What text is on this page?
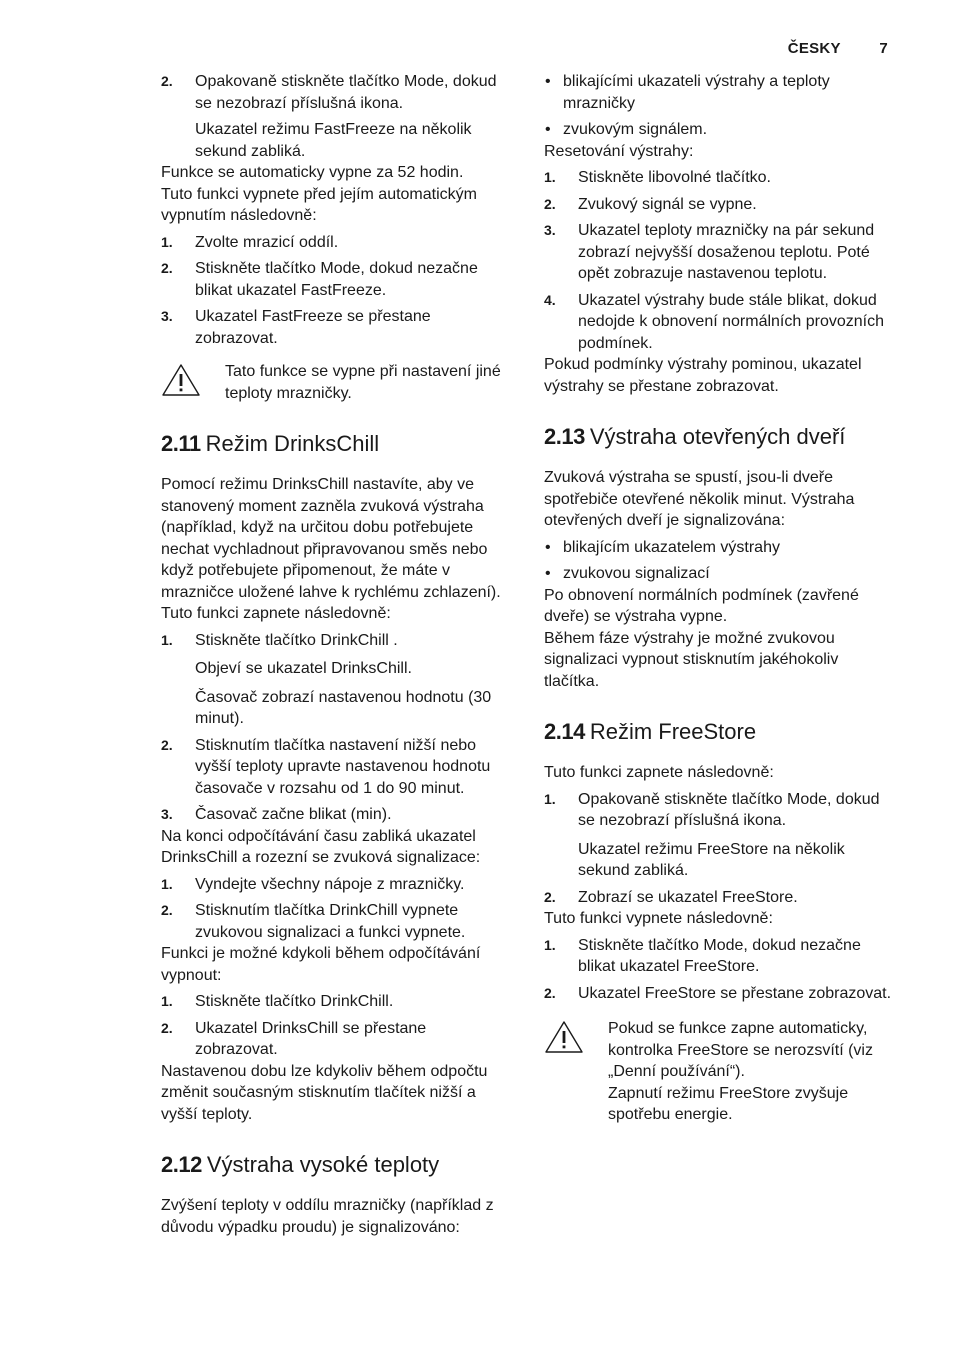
ČESKY	7
2. Opakovaně stiskněte tlačítko Mode, dokud se nezobrazí příslušná ikona.
Ukazatel režimu FastFreeze na několik sekund zabliká.

Funkce se automaticky vypne za 52 hodin.

Tuto funkci vypnete před jejím automatickým vypnutím následovně:

1. Zvolte mrazicí oddíl.
2. Stiskněte tlačítko Mode, dokud nezačne blikat ukazatel FastFreeze.
3. Ukazatel FastFreeze se přestane zobrazovat.
Tato funkce se vypne při nastavení jiné teploty mrazničky.
2.11 Režim DrinksChill

Pomocí režimu DrinksChill nastavíte, aby ve stanovený moment zazněla zvuková výstraha (například, když na určitou dobu potřebujete nechat vychladnout připravovanou směs nebo když potřebujete připomenout, že máte v mrazničce uložené lahve k rychlému zchlazení).

Tuto funkci zapnete následovně:

1. Stiskněte tlačítko DrinkChill .
Objeví se ukazatel DrinksChill.
Časovač zobrazí nastavenou hodnotu (30 minut).
2. Stisknutím tlačítka nastavení nižší nebo vyšší teploty upravte nastavenou hodnotu časovače v rozsahu od 1 do 90 minut.
3. Časovač začne blikat (min).

Na konci odpočítávání času zabliká ukazatel DrinksChill a rozezní se zvuková signalizace:

1. Vyndejte všechny nápoje z mrazničky.
2. Stisknutím tlačítka DrinkChill vypnete zvukovou signalizaci a funkci vypnete.

Funkci je možné kdykoli během odpočítávání vypnout:

1. Stiskněte tlačítko DrinkChill.
2. Ukazatel DrinksChill se přestane zobrazovat.

Nastavenou dobu lze kdykoliv během odpočtu změnit současným stisknutím tlačítek nižší a vyšší teploty.

2.12 Výstraha vysoké teploty

Zvýšení teploty v oddílu mrazničky (například z důvodu výpadku proudu) je signalizováno:

• blikajícími ukazateli výstrahy a teploty mrazničky
• zvukovým signálem.

Resetování výstrahy:

1. Stiskněte libovolné tlačítko.
2. Zvukový signál se vypne.
3. Ukazatel teploty mrazničky na pár sekund zobrazí nejvyšší dosaženou teplotu. Poté opět zobrazuje nastavenou teplotu.
4. Ukazatel výstrahy bude stále blikat, dokud nedojde k obnovení normálních provozních podmínek.

Pokud podmínky výstrahy pominou, ukazatel výstrahy se přestane zobrazovat.

2.13 Výstraha otevřených dveří

Zvuková výstraha se spustí, jsou-li dveře spotřebiče otevřené několik minut. Výstraha otevřených dveří je signalizována:

• blikajícím ukazatelem výstrahy
• zvukovou signalizací

Po obnovení normálních podmínek (zavřené dveře) se výstraha vypne.

Během fáze výstrahy je možné zvukovou signalizaci vypnout stisknutím jakéhokoliv tlačítka.

2.14 Režim FreeStore

Tuto funkci zapnete následovně:

1. Opakovaně stiskněte tlačítko Mode, dokud se nezobrazí příslušná ikona.
Ukazatel režimu FreeStore na několik sekund zabliká.
2. Zobrazí se ukazatel FreeStore.

Tuto funkci vypnete následovně:

1. Stiskněte tlačítko Mode, dokud nezačne blikat ukazatel FreeStore.
2. Ukazatel FreeStore se přestane zobrazovat.
Pokud se funkce zapne automaticky, kontrolka FreeStore se nerozsvítí (viz „Denní používání“).
Zapnutí režimu FreeStore zvyšuje spotřebu energie.
